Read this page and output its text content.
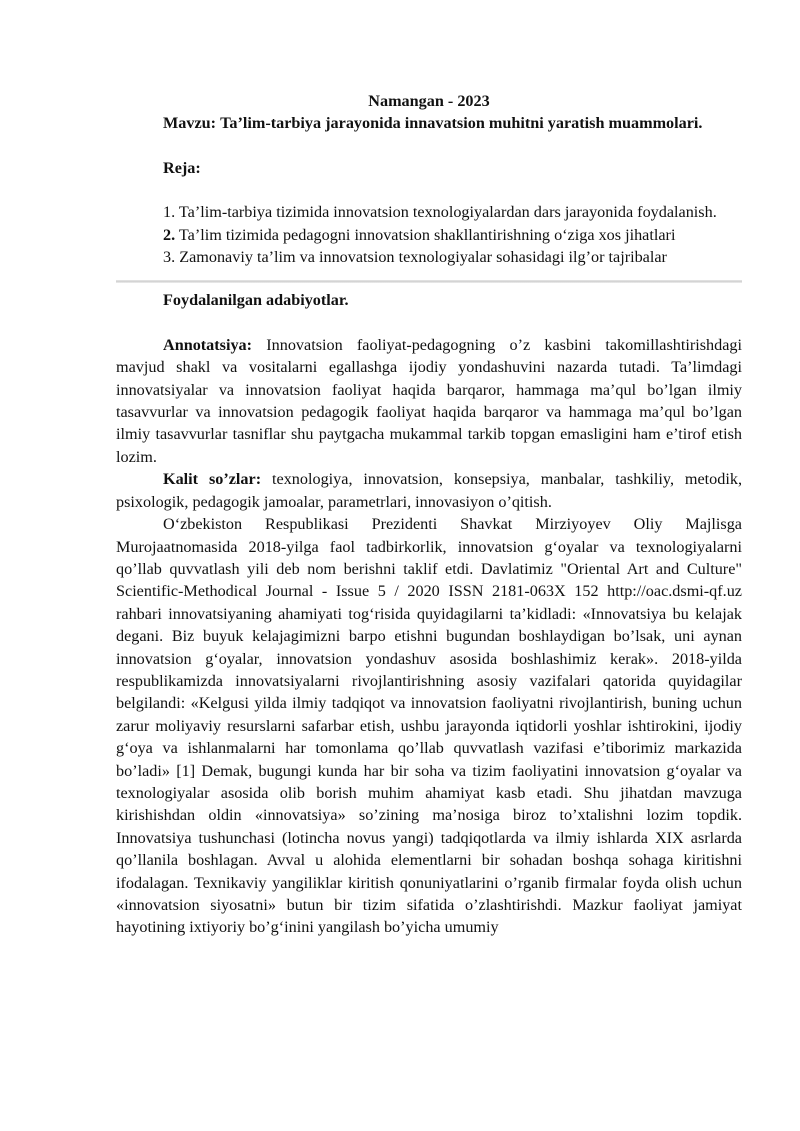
Namangan - 2023

Mavzu: Ta’lim-tarbiya jarayonida innavatsion muhitni yaratish muammolari.

Reja:

1. Ta’lim-tarbiya tizimida innovatsion texnologiyalardan dars jarayonida foydalanish.

2. Ta’lim tizimida pedagogni innovatsion shakllantirishning o‘ziga xos jihatlari

3. Zamonaviy ta’lim va innovatsion texnologiyalar sohasidagi ilg’or tajribalar

Foydalanilgan adabiyotlar.

Annotatsiya: Innovatsion faoliyat-pedagogning o’z kasbini takomillashtirishdagi mavjud shakl va vositalarni egallashga ijodiy yondashuvini nazarda tutadi. Ta’limdagi innovatsiyalar va innovatsion faoliyat haqida barqaror, hammaga ma’qul bo’lgan ilmiy tasavvurlar va innovatsion pedagogik faoliyat haqida barqaror va hammaga ma’qul bo’lgan ilmiy tasavvurlar tasniflar shu paytgacha mukammal tarkib topgan emasligini ham e’tirof etish lozim.

Kalit so’zlar: texnologiya, innovatsion, konsepsiya, manbalar, tashkiliy, metodik, psixologik, pedagogik jamoalar, parametrlari, innovasiyon o’qitish.

O‘zbekiston Respublikasi Prezidenti Shavkat Mirziyoyev Oliy Majlisga Murojaatnomasida 2018-yilga faol tadbirkorlik, innovatsion g‘oyalar va texnologiyalarni qo’llab quvvatlash yili deb nom berishni taklif etdi. Davlatimiz "Oriental Art and Culture" Scientific-Methodical Journal - Issue 5 / 2020 ISSN 2181-063X 152 http://oac.dsmi-qf.uz rahbari innovatsiyaning ahamiyati tog‘risida quyidagilarni ta’kidladi: «Innovatsiya bu kelajak degani. Biz buyuk kelajagimizni barpo etishni bugundan boshlaydigan bo’lsak, uni aynan innovatsion g‘oyalar, innovatsion yondashuv asosida boshlashimiz kerak». 2018-yilda respublikamizda innovatsiyalarni rivojlantirishning asosiy vazifalari qatorida quyidagilar belgilandi: «Kelgusi yilda ilmiy tadqiqot va innovatsion faoliyatni rivojlantirish, buning uchun zarur moliyaviy resurslarni safarbar etish, ushbu jarayonda iqtidorli yoshlar ishtirokini, ijodiy g‘oya va ishlanmalarni har tomonlama qo’llab quvvatlash vazifasi e’tiborimiz markazida bo’ladi» [1] Demak, bugungi kunda har bir soha va tizim faoliyatini innovatsion g‘oyalar va texnologiyalar asosida olib borish muhim ahamiyat kasb etadi. Shu jihatdan mavzuga kirishishdan oldin «innovatsiya» so’zining ma’nosiga biroz to’xtalishni lozim topdik. Innovatsiya tushunchasi (lotincha novus yangi) tadqiqotlarda va ilmiy ishlarda XIX asrlarda qo’llanila boshlagan. Avval u alohida elementlarni bir sohadan boshqa sohaga kiritishni ifodalagan. Texnikaviy yangiliklar kiritish qonuniyatlarini o’rganib firmalar foyda olish uchun «innovatsion siyosatni» butun bir tizim sifatida o’zlashtirishdi. Mazkur faoliyat jamiyat hayotining ixtiyoriy bo’g‘inini yangilash bo’yicha umumiy
